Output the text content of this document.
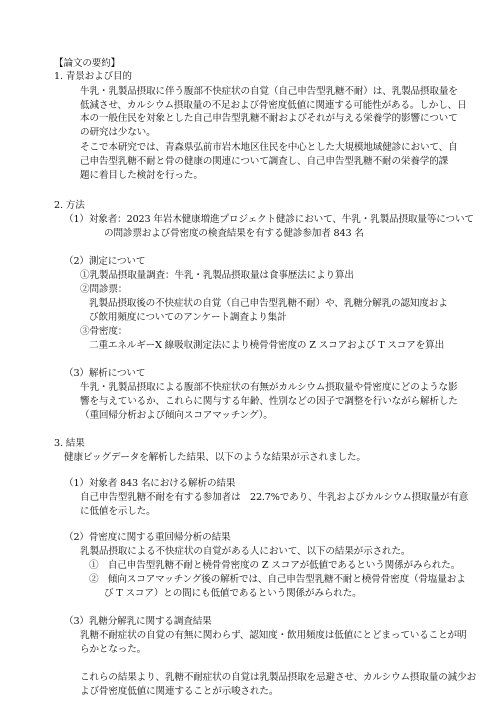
【論文の要約】
1. 青景および目的
牛乳・乳製品摂取に伴う腹部不快症状の自覚（自己申告型乳糖不耐）は、乳製品摂取量を
低減させ、カルシウム摂取量の不足および骨密度低値に関連する可能性がある。しかし、日
本の一般住民を対象とした自己申告型乳糖不耐およびそれが与える栄養学的影響について
の研究は少ない。
そこで本研究では、青森県弘前市岩木地区住民を中心とした大規模地域健診において、自
己申告型乳糖不耐と骨の健康の関連について調査し、自己申告型乳糖不耐の栄養学的課
題に着目した検討を行った。
2. 方法
（1）対象者：2023 年岩木健康増進プロジェクト健診において、牛乳・乳製品摂取量等について
の問診票および骨密度の検査結果を有する健診参加者 843 名
（2）測定について
①乳製品摂取量調査：牛乳・乳製品摂取量は食事歴法により算出
②問診票：
乳製品摂取後の不快症状の自覚（自己申告型乳糖不耐）や、乳糖分解乳の認知度およ
び飲用頻度についてのアンケート調査より集計
③骨密度：
二重エネルギーX 線吸収測定法により橈骨骨密度の Z スコアおよび T スコアを算出
（3）解析について
牛乳・乳製品摂取による腹部不快症状の有無がカルシウム摂取量や骨密度にどのような影
響を与えているか、これらに関与する年齢、性別などの因子で調整を行いながら解析した
（重回帰分析および傾向スコアマッチング）。
3. 結果
健康ビッグデータを解析した結果、以下のような結果が示されました。
（1）対象者 843 名における解析の結果
自己申告型乳糖不耐を有する参加者は　22.7%であり、牛乳およびカルシウム摂取量が有意
に低値を示した。
（2）骨密度に関する重回帰分析の結果
乳製品摂取による不快症状の自覚がある人において、以下の結果が示された。
①　自己申告型乳糖不耐と橈骨骨密度の Z スコアが低値であるという関係がみられた。
②　傾向スコアマッチング後の解析では、自己申告型乳糖不耐と橈骨骨密度（骨塩量およ
び T スコア）との間にも低値であるという関係がみられた。
（3）乳糖分解乳に関する調査結果
乳糖不耐症状の自覚の有無に関わらず、認知度・飲用頻度は低値にとどまっていることが明
らかとなった。
これらの結果より、乳糖不耐症状の自覚は乳製品摂取を忌避させ、カルシウム摂取量の減少お
よび骨密度低値に関連することが示唆された。
